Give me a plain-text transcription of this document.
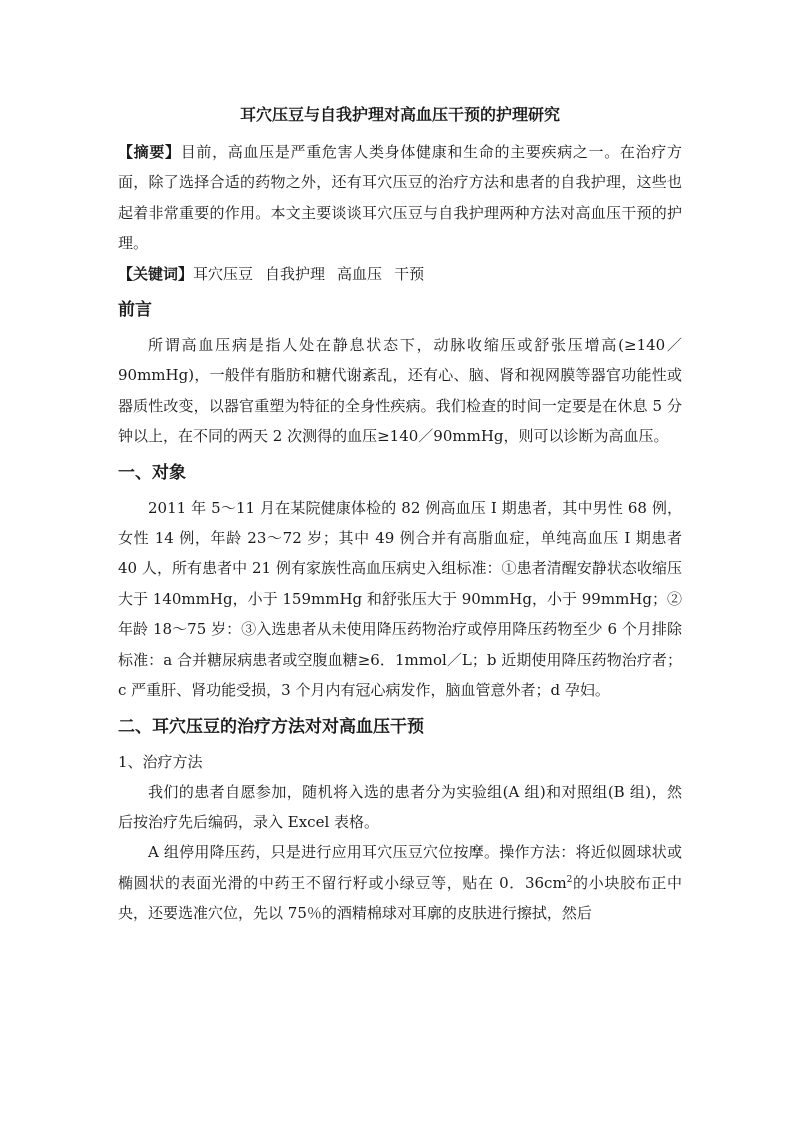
耳穴压豆与自我护理对高血压干预的护理研究

【摘要】目前，高血压是严重危害人类身体健康和生命的主要疾病之一。在治疗方面，除了选择合适的药物之外，还有耳穴压豆的治疗方法和患者的自我护理，这些也起着非常重要的作用。本文主要谈谈耳穴压豆与自我护理两种方法对高血压干预的护理。

【关键词】耳穴压豆 自我护理 高血压 干预

前言

所谓高血压病是指人处在静息状态下，动脉收缩压或舒张压增高(≥140／90mmHg)，一般伴有脂肪和糖代谢紊乱，还有心、脑、肾和视网膜等器官功能性或器质性改变，以器官重塑为特征的全身性疾病。我们检查的时间一定要是在休息 5 分钟以上，在不同的两天 2 次测得的血压≥140／90mmHg，则可以诊断为高血压。

一、对象

2011 年 5～11 月在某院健康体检的 82 例高血压 I 期患者，其中男性 68 例，女性 14 例，年龄 23～72 岁；其中 49 例合并有高脂血症，单纯高血压 I 期患者 40 人，所有患者中 21 例有家族性高血压病史入组标准：①患者清醒安静状态收缩压大于 140mmHg，小于 159mmHg 和舒张压大于 90mmHg，小于 99mmHg；②年龄 18～75 岁：③入选患者从未使用降压药物治疗或停用降压药物至少 6 个月排除标准：a 合并糖尿病患者或空腹血糖≥6．1mmol／L；b 近期使用降压药物治疗者；c 严重肝、肾功能受损，3 个月内有冠心病发作，脑血管意外者；d 孕妇。

二、耳穴压豆的治疗方法对对高血压干预
1、治疗方法

我们的患者自愿参加，随机将入选的患者分为实验组(A 组)和对照组(B 组)，然后按治疗先后编码，录入 Excel 表格。

A 组停用降压药，只是进行应用耳穴压豆穴位按摩。操作方法：将近似圆球状或椭圆状的表面光滑的中药王不留行籽或小绿豆等，贴在 0．$36cm^2$的小块胶布正中央，还要选准穴位，先以 75％的酒精棉球对耳廓的皮肤进行擦拭，然后
